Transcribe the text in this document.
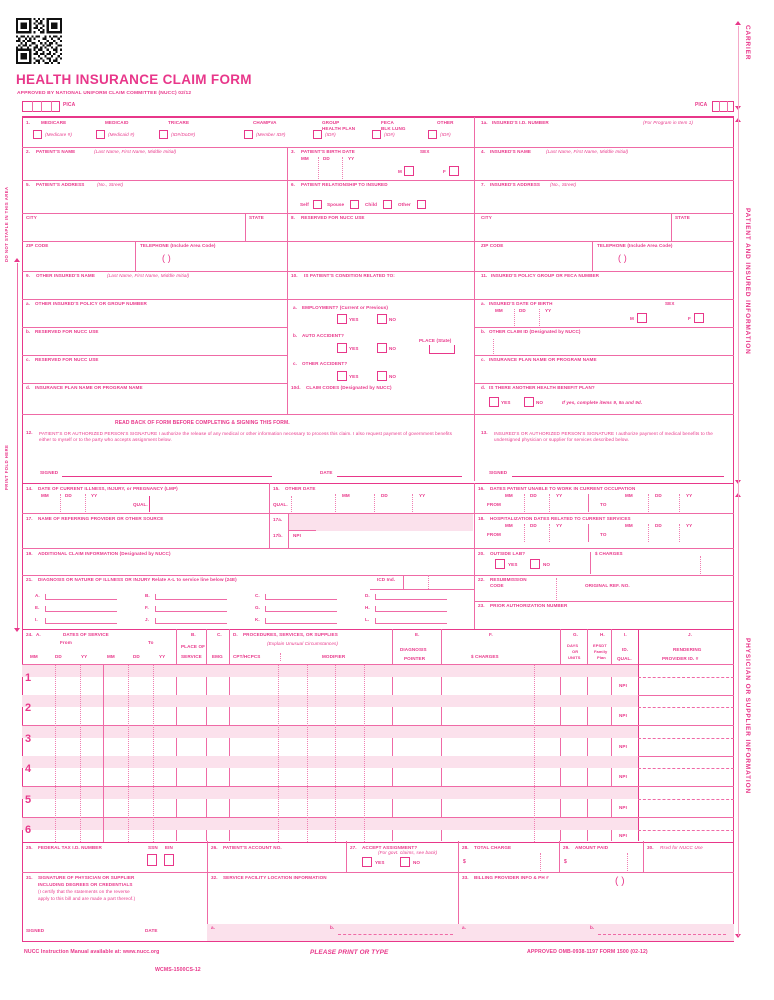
HEALTH INSURANCE CLAIM FORM
APPROVED BY NATIONAL UNIFORM CLAIM COMMITTEE (NUCC) 02/12
DO NOT STAPLE IN THIS AREA
PRINT FOLD HERE
CARRIER
PATIENT AND INSURED INFORMATION
PHYSICIAN OR SUPPLIER INFORMATION
PICA	PICA
1. MEDICARE
(Medicare #)
MEDICAID
(Medicaid #)
TRICARE
(ID#/DoD#)
CHAMPVA
(Member ID#)
GROUP
HEALTH PLAN
(ID#)
FECA
BLK LUNG
(ID#)
OTHER
(ID#)
1a. INSURED'S I.D. NUMBER	(For Program in Item 1)
2. PATIENT'S NAME	(Last Name, First Name, Middle Initial)	3. PATIENT'S BIRTH DATE
MM	DD	YY
SEX
M	F
4. INSURED'S NAME	(Last Name, First Name, Middle Initial)
5. PATIENT'S ADDRESS	(No., Street)	6. PATIENT RELATIONSHIP TO INSURED
Self	Spouse	Child	Other
7. INSURED'S ADDRESS (No., Street)
CITY	STATE	8. RESERVED FOR NUCC USE	CITY	STATE
ZIP CODE	TELEPHONE (Include Area Code)
( )
ZIP CODE	TELEPHONE (Include Area Code)
( )
9. OTHER INSURED'S NAME	(Last Name, First Name, Middle Initial)	10. IS PATIENT'S CONDITION RELATED TO:	11. INSURED'S POLICY GROUP OR FECA NUMBER
a. OTHER INSURED'S POLICY OR GROUP NUMBER
a. EMPLOYMENT? (Current or Previous)
YES	NO
a. INSURED'S DATE OF BIRTH
MM	DD	YY
SEX
M	F
b. RESERVED FOR NUCC USE
b. AUTO ACCIDENT?
YES	NO
PLACE (State)
b. OTHER CLAIM ID (Designated by NUCC)
c. RESERVED FOR NUCC USE
c. OTHER ACCIDENT?
YES	NO
c. INSURANCE PLAN NAME OR PROGRAM NAME
d. INSURANCE PLAN NAME OR PROGRAM NAME	10d. CLAIM CODES (Designated by NUCC)	d. IS THERE ANOTHER HEALTH BENEFIT PLAN?
YES	NO	If yes, complete items 9, 9a and 9d.
READ BACK OF FORM BEFORE COMPLETING & SIGNING THIS FORM.
12. PATIENT'S OR AUTHORIZED PERSON'S SIGNATURE I authorize the release of any medical or other information necessary to process this claim. I also request payment of government benefits either to myself or to the party who accepts assignment below.
SIGNED	DATE
13. INSURED'S OR AUTHORIZED PERSON'S SIGNATURE I authorize payment of medical benefits to the undersigned physician or supplier for services described below.
SIGNED
14. DATE OF CURRENT ILLNESS, INJURY, or PREGNANCY (LMP)
MM	DD	YY
QUAL.
15. OTHER DATE
QUAL.
MM	DD	YY
16. DATES PATIENT UNABLE TO WORK IN CURRENT OCCUPATION
MM	DD	YY
FROM
MM	DD	YY
TO
17. NAME OF REFERRING PROVIDER OR OTHER SOURCE	17a.
17b. NPI
18. HOSPITALIZATION DATES RELATED TO CURRENT SERVICES
MM	DD	YY
FROM
MM	DD	YY
TO
19. ADDITIONAL CLAIM INFORMATION (Designated by NUCC)	20. OUTSIDE LAB?
YES	NO
$ CHARGES
21. DIAGNOSIS OR NATURE OF ILLNESS OR INJURY Relate A-L to service line below (24E)	ICD Ind.
A.	B.	C.	D.
E.	F.	G.	H.
I.	J.	K.	L.
22. RESUBMISSION
CODE	ORIGINAL REF. NO.
23. PRIOR AUTHORIZATION NUMBER
24. A.	DATES OF SERVICE
From	To
MM	DD	YY	MM	DD	YY
B.
PLACE OF
SERVICE
C.
EMG
D. PROCEDURES, SERVICES, OR SUPPLIES
(Explain Unusual Circumstances)
CPT/HCPCS	MODIFIER
E.
DIAGNOSIS
POINTER
F.
$ CHARGES
G.
DAYS
OR
UNITS
H.
EPSDT
Family
Plan
I.
ID.
QUAL.
J.
RENDERING
PROVIDER ID. #
1
NPI
2
NPI
3
NPI
4
NPI
5
NPI
6	NPI
25. FEDERAL TAX I.D. NUMBER	SSN EIN	26. PATIENT'S ACCOUNT NO.	27. ACCEPT ASSIGNMENT?
(For govt. claims, see back)
YES	NO
28. TOTAL CHARGE
$
29. AMOUNT PAID
$
30. Rsvd for NUCC Use
31. SIGNATURE OF PHYSICIAN OR SUPPLIER
INCLUDING DEGREES OR CREDENTIALS
(I certify that the statements on the reverse
apply to this bill and are made a part thereof.)
SIGNED	DATE
32. SERVICE FACILITY LOCATION INFORMATION
a.	b.
33. BILLING PROVIDER INFO & PH #	( )
a.	b.
NUCC Instruction Manual available at: www.nucc.org	PLEASE PRINT OR TYPE	APPROVED OMB-0938-1197 FORM 1500 (02-12)
WCMS-1500CS-12
